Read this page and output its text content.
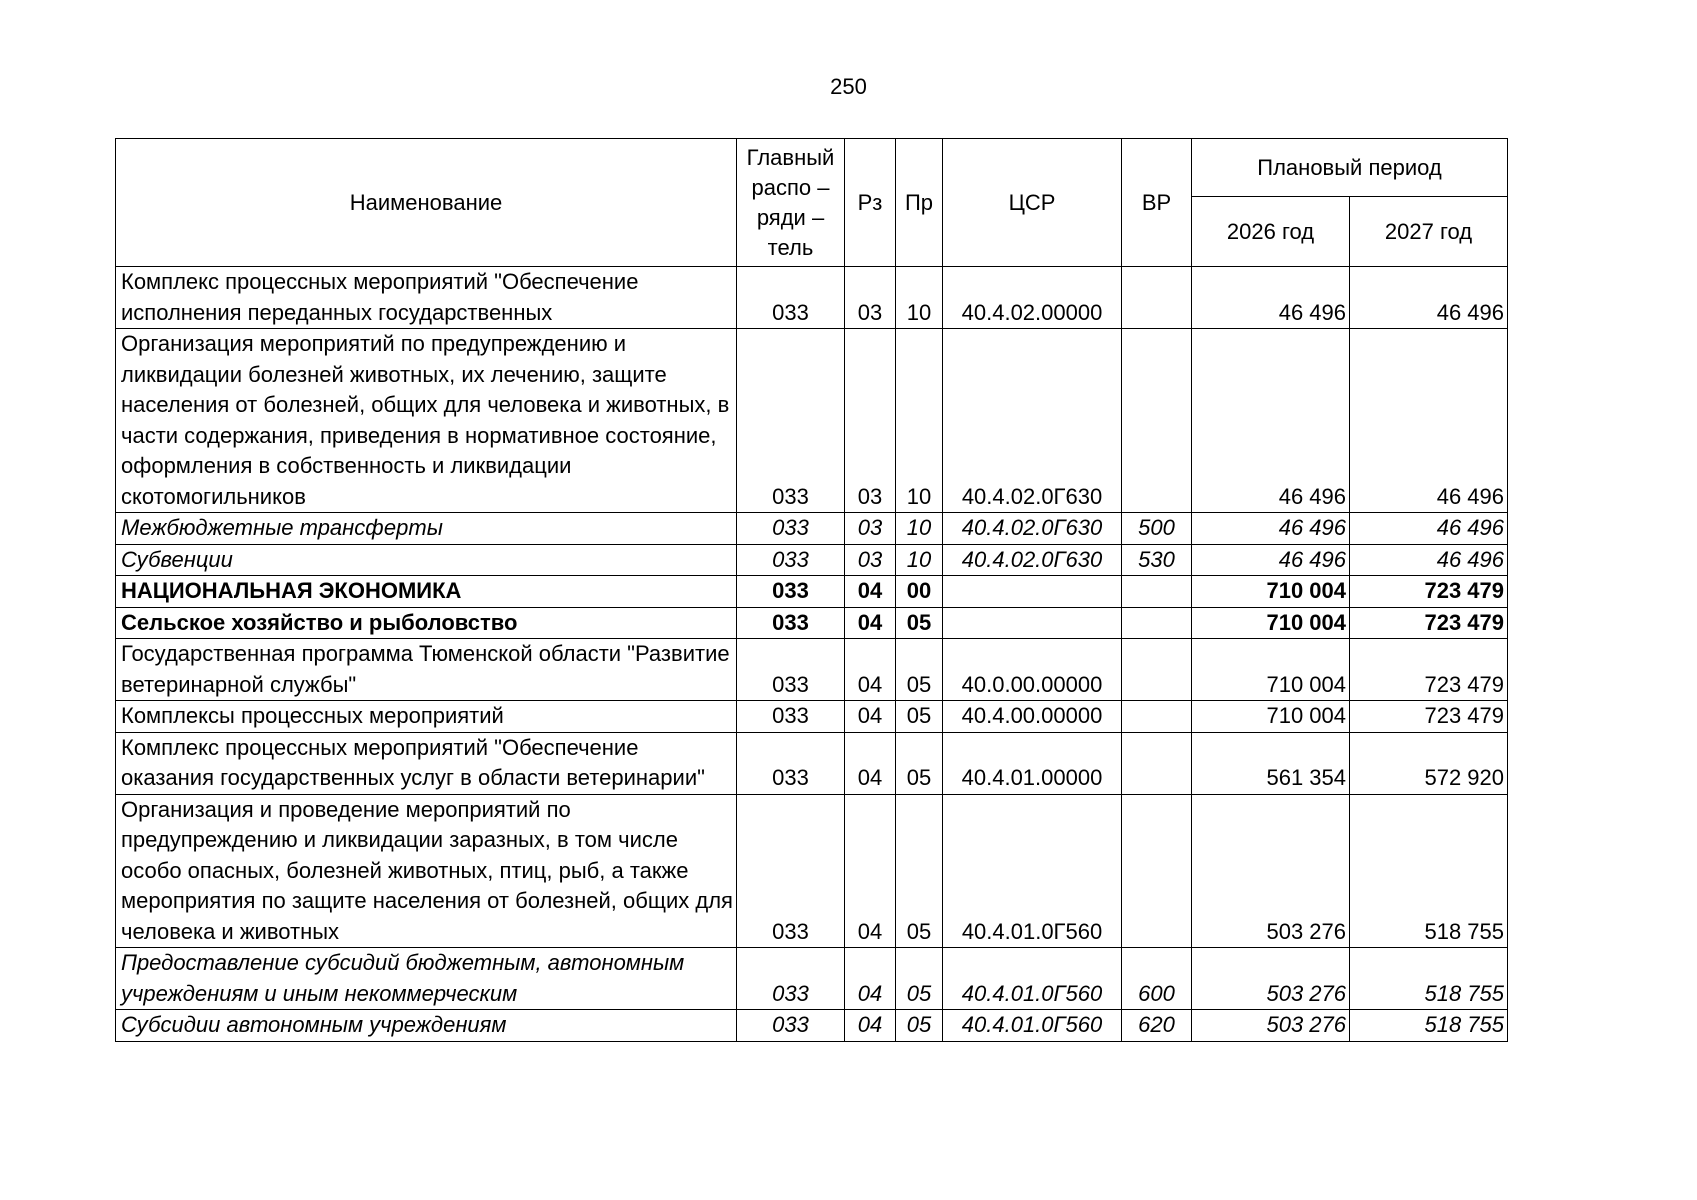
250
Наименование	Главный распо – ряди – тель	Рз	Пр	ЦСР	ВР	Плановый период	
						2026 год	2027 год

Комплекс процессных мероприятий "Обеспечение исполнения переданных государственных	033	03	10	40.4.02.00000		46 496	46 496
Организация мероприятий по предупреждению и ликвидации болезней животных, их лечению, защите населения от болезней, общих для человека и животных, в части содержания, приведения в нормативное состояние, оформления в собственность и ликвидации скотомогильников	033	03	10	40.4.02.0Г630		46 496	46 496
Межбюджетные трансферты	033	03	10	40.4.02.0Г630	500	46 496	46 496
Субвенции	033	03	10	40.4.02.0Г630	530	46 496	46 496
НАЦИОНАЛЬНАЯ ЭКОНОМИКА	033	04	00			710 004	723 479
Сельское хозяйство и рыболовство	033	04	05			710 004	723 479
Государственная программа Тюменской области "Развитие ветеринарной службы"	033	04	05	40.0.00.00000		710 004	723 479
Комплексы процессных мероприятий	033	04	05	40.4.00.00000		710 004	723 479
Комплекс процессных мероприятий "Обеспечение оказания государственных услуг в области ветеринарии"	033	04	05	40.4.01.00000		561 354	572 920
Организация и проведение мероприятий по предупреждению и ликвидации заразных, в том числе особо опасных, болезней животных, птиц, рыб, а также мероприятия по защите населения от болезней, общих для человека и животных	033	04	05	40.4.01.0Г560		503 276	518 755

Предоставление субсидий бюджетным, автономным учреждениям и иным некоммерческим	033	04	05	40.4.01.0Г560	600	503 276	518 755
Субсидии автономным учреждениям	033	04	05	40.4.01.0Г560	620	503 276	518 755
